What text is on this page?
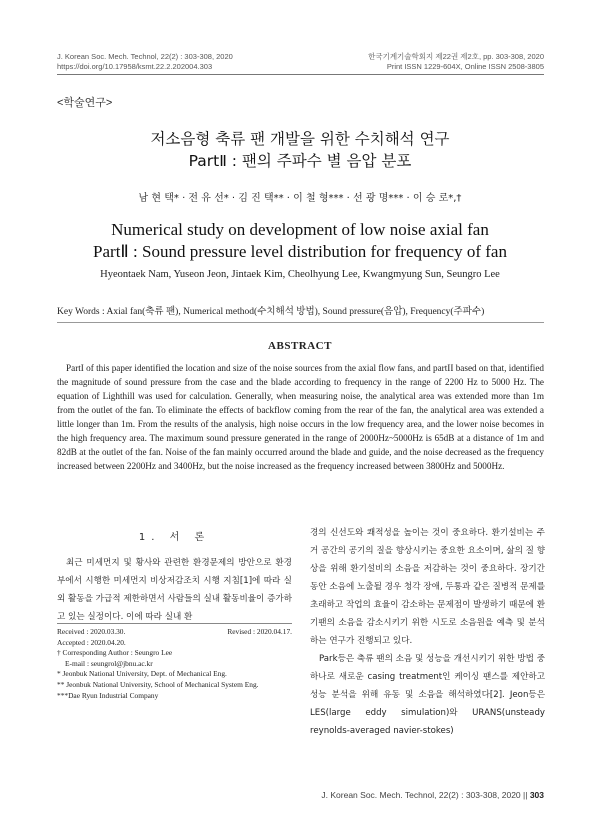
J. Korean Soc. Mech. Technol, 22(2) : 303-308, 2020
https://doi.org/10.17958/ksmt.22.2.202004.303
한국기계기술학회지 제22권 제2호, pp. 303-308, 2020
Print ISSN 1229-604X, Online ISSN 2508-3805
<학술연구>
저소음형 축류 팬 개발을 위한 수치해석 연구
PartⅡ : 팬의 주파수 별 음압 분포
남 현 택* · 전 유 선* · 김 진 택** · 이 철 형*** · 선 광 명*** · 이 승 로*,†
Numerical study on development of low noise axial fan
PartⅡ : Sound pressure level distribution for frequency of fan
Hyeontaek Nam, Yuseon Jeon, Jintaek Kim, Cheolhyung Lee, Kwangmyung Sun, Seungro Lee
Key Words : Axial fan(축류 팬), Numerical method(수치해석 방법), Sound pressure(음압), Frequency(주파수)
ABSTRACT
PartI of this paper identified the location and size of the noise sources from the axial flow fans, and partII based on that, identified the magnitude of sound pressure from the case and the blade according to frequency in the range of 2200 Hz to 5000 Hz. The equation of Lighthill was used for calculation. Generally, when measuring noise, the analytical area was extended more than 1m from the outlet of the fan. To eliminate the effects of backflow coming from the rear of the fan, the analytical area was extended a little longer than 1m. From the results of the analysis, high noise occurs in the low frequency area, and the lower noise becomes in the high frequency area. The maximum sound pressure generated in the range of 2000Hz~5000Hz is 65dB at a distance of 1m and 82dB at the outlet of the fan. Noise of the fan mainly occurred around the blade and guide, and the noise decreased as the frequency increased between 2200Hz and 3400Hz, but the noise increased as the frequency increased between 3800Hz and 5000Hz.
1. 서 론
최근 미세먼지 및 황사와 관련한 환경문제의 방안으로 환경부에서 시행한 미세먼지 비상저감조치 시행 지침[1]에 따라 실외 활동을 가급적 제한하면서 사람들의 실내 활동비율이 증가하고 있는 실정이다. 이에 따라 실내 환
Received : 2020.03.30.	Revised : 2020.04.17.
Accepted : 2020.04.20.
† Corresponding Author : Seungro Lee
E-mail : seungrol@jbnu.ac.kr
* Jeonbuk National University, Dept. of Mechanical Eng.
** Jeonbuk National University, School of Mechanical System Eng.
***Dae Ryun Industrial Company
경의 신선도와 쾌적성을 높이는 것이 중요하다. 환기설비는 주거 공간의 공기의 질을 향상시키는 중요한 요소이며, 삶의 질 향상을 위해 환기설비의 소음을 저감하는 것이 중요하다. 장기간동안 소음에 노출될 경우 청각 장애, 두통과 같은 질병적 문제를 초래하고 작업의 효율이 감소하는 문제점이 발생하기 때문에 환기팬의 소음을 감소시키기 위한 시도로 소음원을 예측 및 분석하는 연구가 진행되고 있다.
Park등은 축류 팬의 소음 및 성능을 개선시키기 위한 방법 중 하나로 새로운 casing treatment인 케이싱 팬스를 제안하고 성능 분석을 위해 유동 및 소음을 해석하였다[2]. Jeon등은 LES(large eddy simulation)와 URANS(unsteady reynolds-averaged navier-stokes)
J. Korean Soc. Mech. Technol, 22(2) : 303-308, 2020 || 303
